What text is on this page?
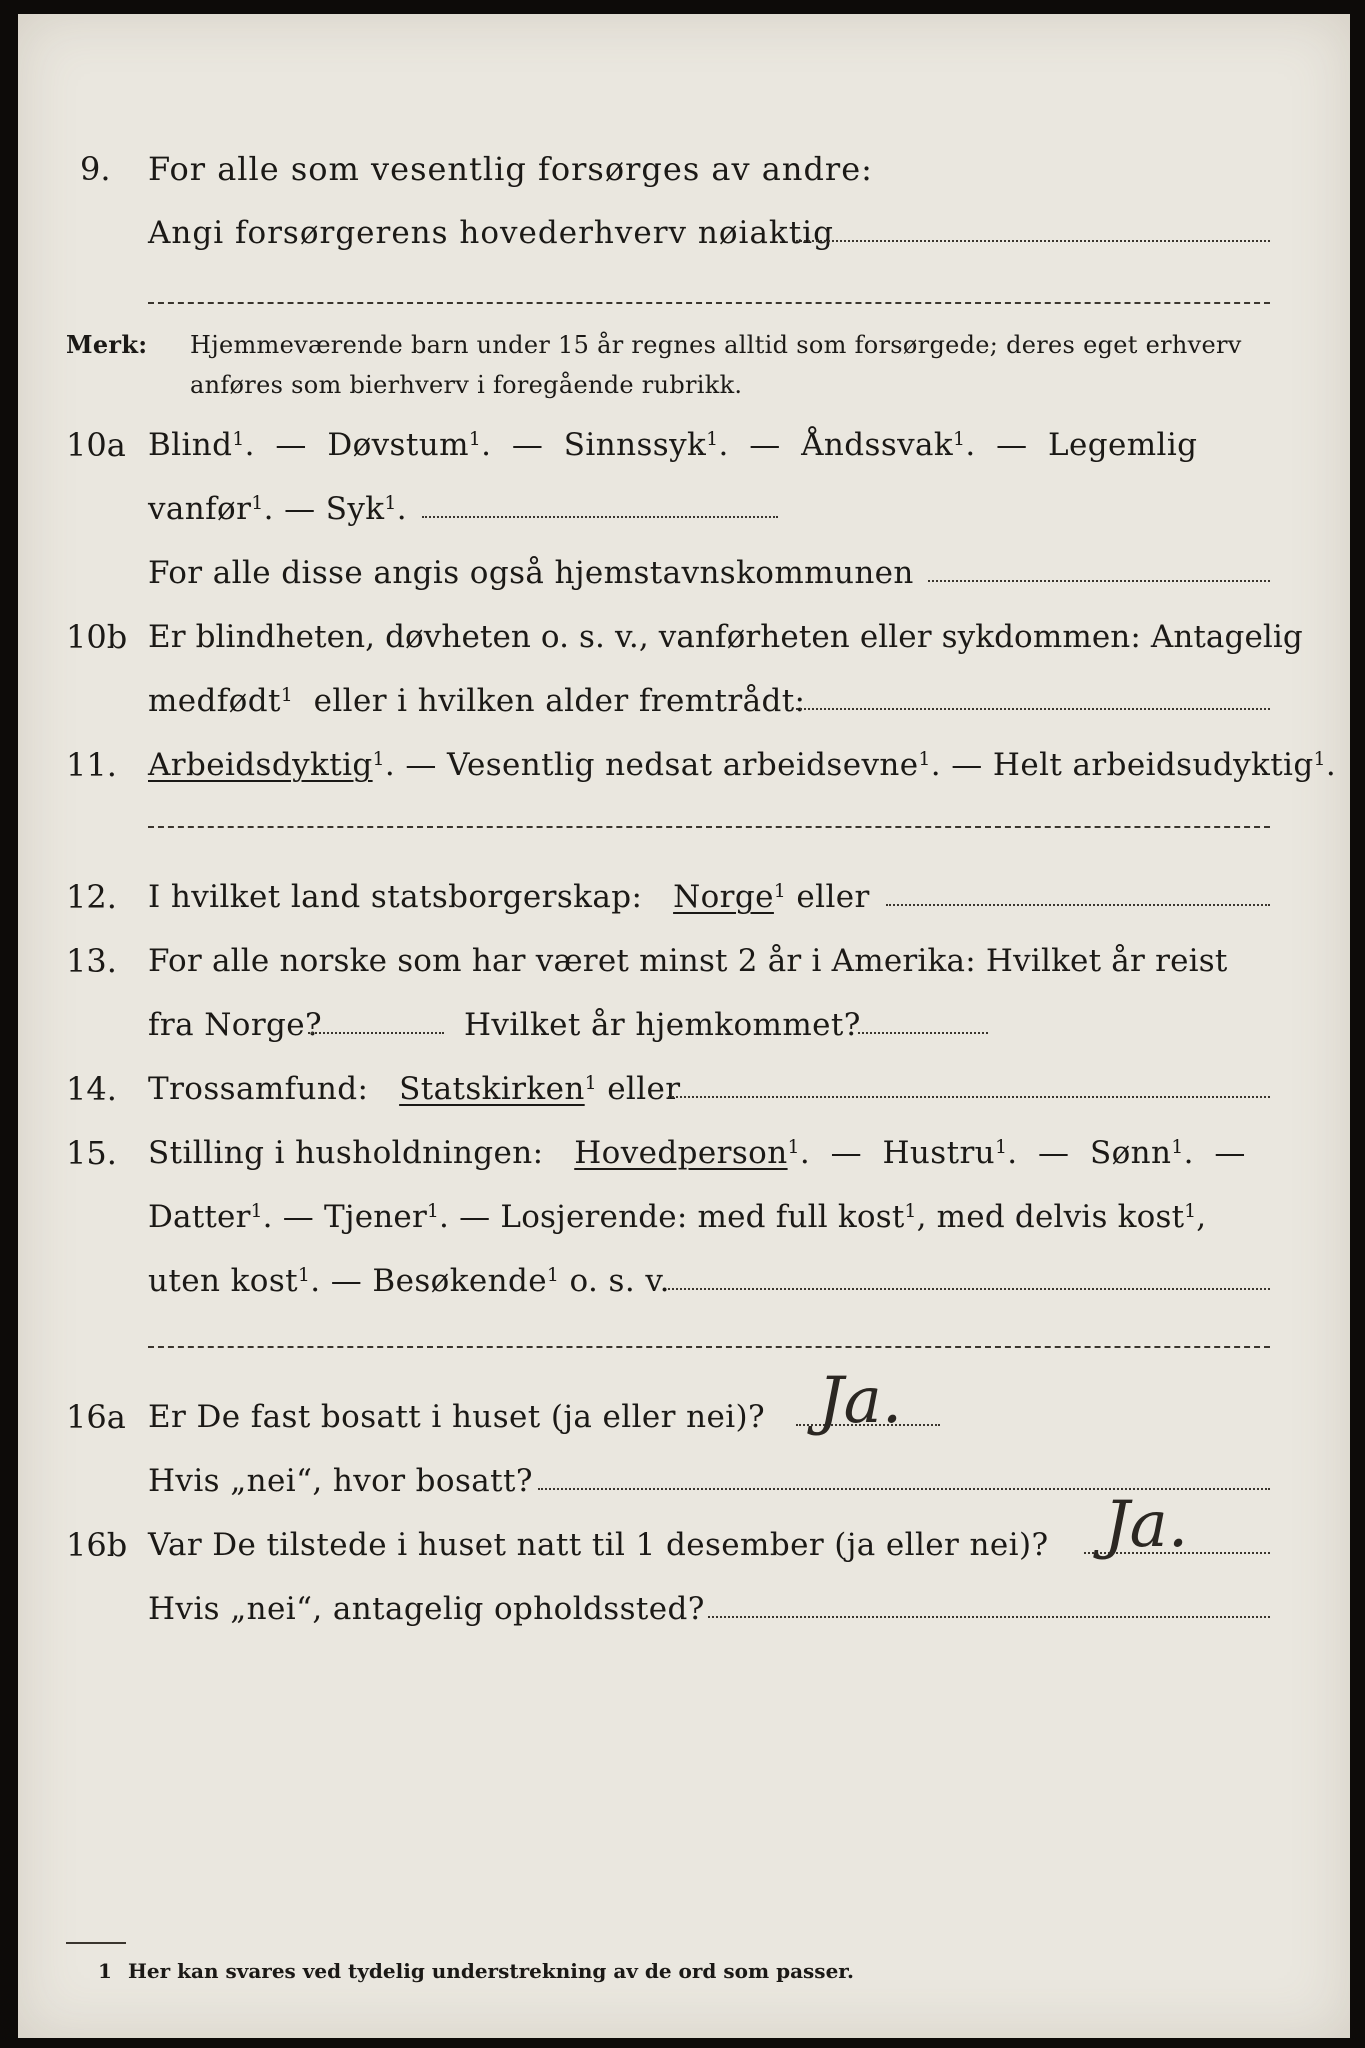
9. For alle som vesentlig forsørges av andre:
Angi forsørgerens hovederhverv nøiaktig
Merk: Hjemmeværende barn under 15 år regnes alltid som forsørgede; deres eget erhverv
anføres som bierhverv i foregående rubrikk.
10a Blind$^1$.  —  Døvstum$^1$.  —  Sinnssyk$^1$.  —  Åndssvak$^1$.  —  Legemlig
vanfør$^1$. — Syk$^1$.
For alle disse angis også hjemstavnskommunen
10b Er blindheten, døvheten o. s. v., vanførheten eller sykdommen: Antagelig
medfødt$^1$ eller i hvilken alder fremtrådt:
11. Arbeidsdyktig$^1$. — Vesentlig nedsat arbeidsevne$^1$. — Helt arbeidsudyktig$^1$.
12. I hvilket land statsborgerskap: Norge$^1$ eller
13. For alle norske som har været minst 2 år i Amerika: Hvilket år reist
fra Norge?	Hvilket år hjemkommet?
14. Trossamfund: Statskirken$^1$ eller
15. Stilling i husholdningen: Hovedperson$^1$.  —  Hustru$^1$.  —  Sønn$^1$.  —
Datter$^1$. — Tjener$^1$. — Losjerende: med full kost$^1$, med delvis kost$^1$,
uten kost$^1$. — Besøkende$^1$ o. s. v.
16a Er De fast bosatt i huset (ja eller nei)? Ja.
Hvis „nei“, hvor bosatt?
16b Var De tilstede i huset natt til 1 desember (ja eller nei)? Ja.
Hvis „nei“, antagelig opholdssted?
1 Her kan svares ved tydelig understrekning av de ord som passer.
